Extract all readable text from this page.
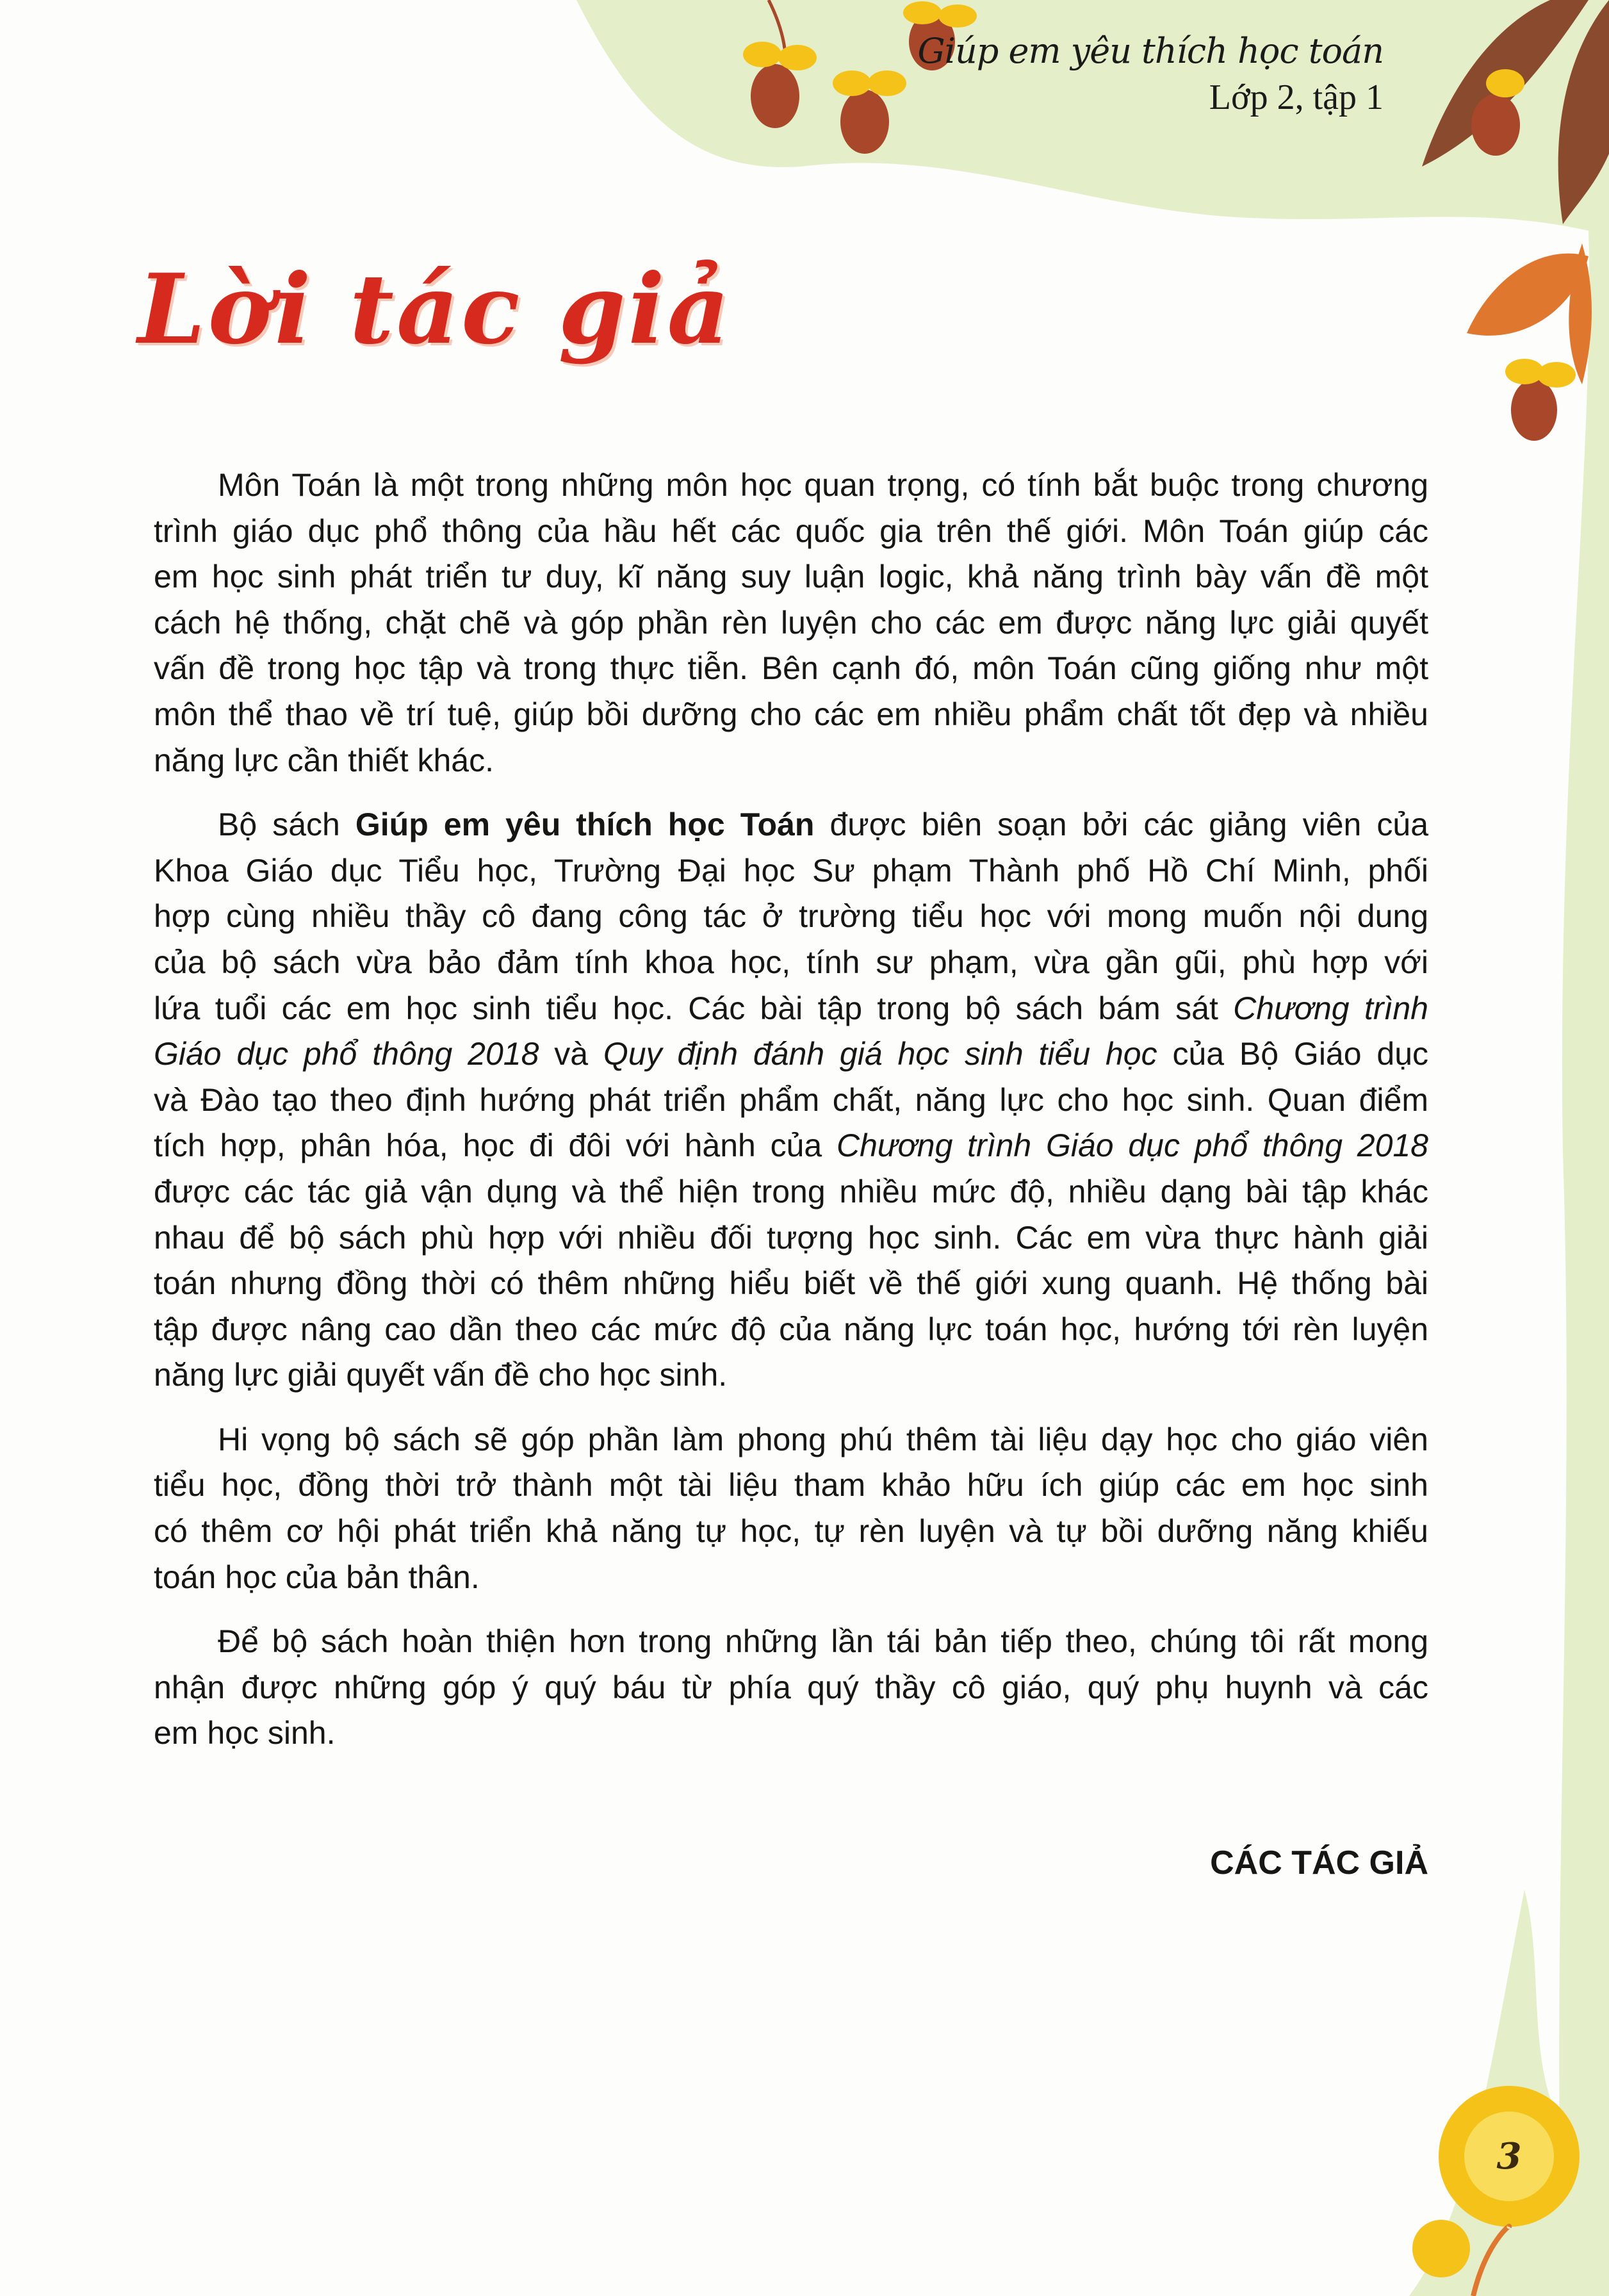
Giúp em yêu thích học toán
Lớp 2, tập 1
Lời tác giả
Môn Toán là một trong những môn học quan trọng, có tính bắt buộc trong chương
trình giáo dục phổ thông của hầu hết các quốc gia trên thế giới. Môn Toán giúp các
em học sinh phát triển tư duy, kĩ năng suy luận logic, khả năng trình bày vấn đề một
cách hệ thống, chặt chẽ và góp phần rèn luyện cho các em được năng lực giải quyết
vấn đề trong học tập và trong thực tiễn. Bên cạnh đó, môn Toán cũng giống như một
môn thể thao về trí tuệ, giúp bồi dưỡng cho các em nhiều phẩm chất tốt đẹp và nhiều
năng lực cần thiết khác.
Bộ sách Giúp em yêu thích học Toán được biên soạn bởi các giảng viên của
Khoa Giáo dục Tiểu học, Trường Đại học Sư phạm Thành phố Hồ Chí Minh, phối
hợp cùng nhiều thầy cô đang công tác ở trường tiểu học với mong muốn nội dung
của bộ sách vừa bảo đảm tính khoa học, tính sư phạm, vừa gần gũi, phù hợp với
lứa tuổi các em học sinh tiểu học. Các bài tập trong bộ sách bám sát Chương trình
Giáo dục phổ thông 2018 và Quy định đánh giá học sinh tiểu học của Bộ Giáo dục
và Đào tạo theo định hướng phát triển phẩm chất, năng lực cho học sinh. Quan điểm
tích hợp, phân hóa, học đi đôi với hành của Chương trình Giáo dục phổ thông 2018
được các tác giả vận dụng và thể hiện trong nhiều mức độ, nhiều dạng bài tập khác
nhau để bộ sách phù hợp với nhiều đối tượng học sinh. Các em vừa thực hành giải
toán nhưng đồng thời có thêm những hiểu biết về thế giới xung quanh. Hệ thống bài
tập được nâng cao dần theo các mức độ của năng lực toán học, hướng tới rèn luyện
năng lực giải quyết vấn đề cho học sinh.
Hi vọng bộ sách sẽ góp phần làm phong phú thêm tài liệu dạy học cho giáo viên
tiểu học, đồng thời trở thành một tài liệu tham khảo hữu ích giúp các em học sinh
có thêm cơ hội phát triển khả năng tự học, tự rèn luyện và tự bồi dưỡng năng khiếu
toán học của bản thân.
Để bộ sách hoàn thiện hơn trong những lần tái bản tiếp theo, chúng tôi rất mong
nhận được những góp ý quý báu từ phía quý thầy cô giáo, quý phụ huynh và các
em học sinh.
CÁC TÁC GIẢ
3
